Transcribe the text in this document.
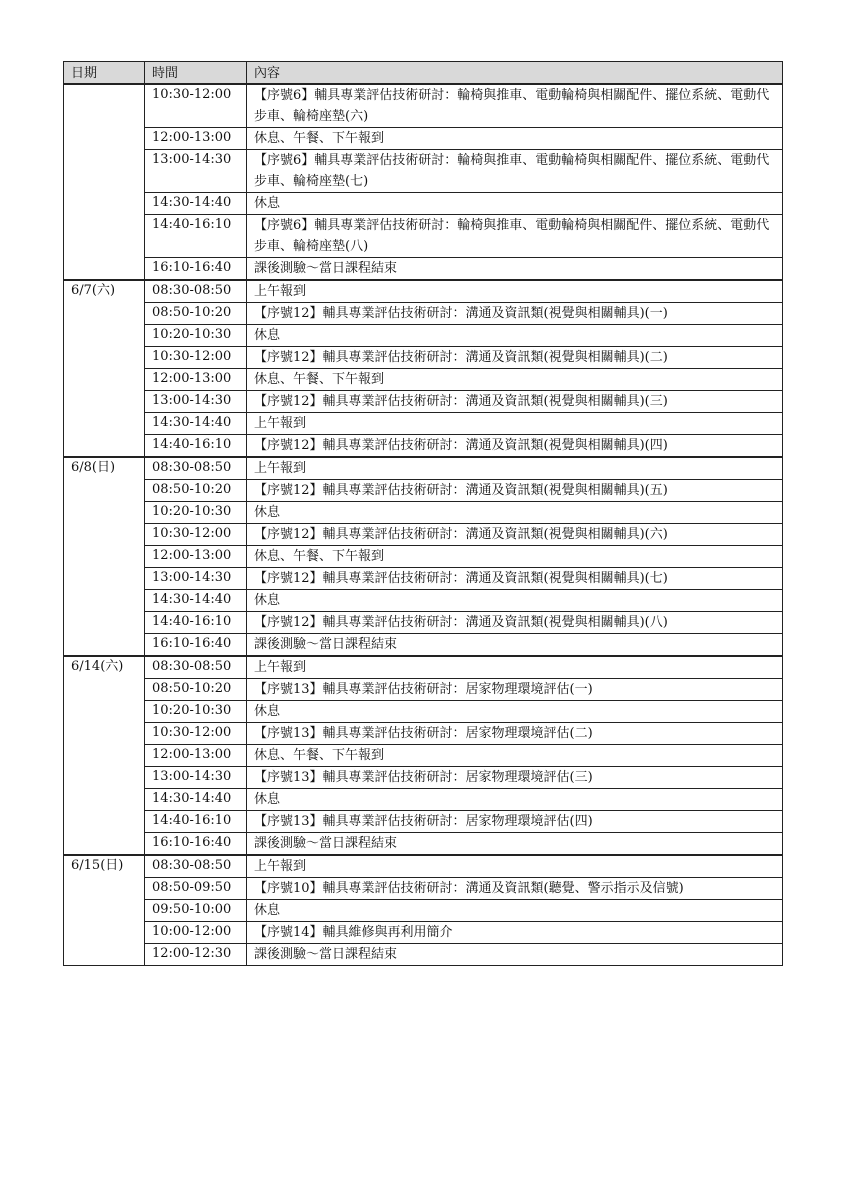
日期	時間	內容
	10:30-12:00	【序號6】輔具專業評估技術研討：輪椅與推車、電動輪椅與相關配件、擺位系統、電動代步車、輪椅座墊(六)
	12:00-13:00	休息、午餐、下午報到
	13:00-14:30	【序號6】輔具專業評估技術研討：輪椅與推車、電動輪椅與相關配件、擺位系統、電動代步車、輪椅座墊(七)
	14:30-14:40	休息
	14:40-16:10	【序號6】輔具專業評估技術研討：輪椅與推車、電動輪椅與相關配件、擺位系統、電動代步車、輪椅座墊(八)
	16:10-16:40	課後測驗～當日課程結束
6/7(六)	08:30-08:50	上午報到
	08:50-10:20	【序號12】輔具專業評估技術研討：溝通及資訊類(視覺與相關輔具)(一)
	10:20-10:30	休息
	10:30-12:00	【序號12】輔具專業評估技術研討：溝通及資訊類(視覺與相關輔具)(二)
	12:00-13:00	休息、午餐、下午報到
	13:00-14:30	【序號12】輔具專業評估技術研討：溝通及資訊類(視覺與相關輔具)(三)
	14:30-14:40	上午報到
	14:40-16:10	【序號12】輔具專業評估技術研討：溝通及資訊類(視覺與相關輔具)(四)
6/8(日)	08:30-08:50	上午報到
	08:50-10:20	【序號12】輔具專業評估技術研討：溝通及資訊類(視覺與相關輔具)(五)
	10:20-10:30	休息
	10:30-12:00	【序號12】輔具專業評估技術研討：溝通及資訊類(視覺與相關輔具)(六)
	12:00-13:00	休息、午餐、下午報到
	13:00-14:30	【序號12】輔具專業評估技術研討：溝通及資訊類(視覺與相關輔具)(七)
	14:30-14:40	休息
	14:40-16:10	【序號12】輔具專業評估技術研討：溝通及資訊類(視覺與相關輔具)(八)
	16:10-16:40	課後測驗～當日課程結束
6/14(六)	08:30-08:50	上午報到
	08:50-10:20	【序號13】輔具專業評估技術研討：居家物理環境評估(一)
	10:20-10:30	休息
	10:30-12:00	【序號13】輔具專業評估技術研討：居家物理環境評估(二)
	12:00-13:00	休息、午餐、下午報到
	13:00-14:30	【序號13】輔具專業評估技術研討：居家物理環境評估(三)
	14:30-14:40	休息
	14:40-16:10	【序號13】輔具專業評估技術研討：居家物理環境評估(四)
	16:10-16:40	課後測驗～當日課程結束
6/15(日)	08:30-08:50	上午報到
	08:50-09:50	【序號10】輔具專業評估技術研討：溝通及資訊類(聽覺、警示指示及信號)
	09:50-10:00	休息
	10:00-12:00	【序號14】輔具維修與再利用簡介
	12:00-12:30	課後測驗～當日課程結束
